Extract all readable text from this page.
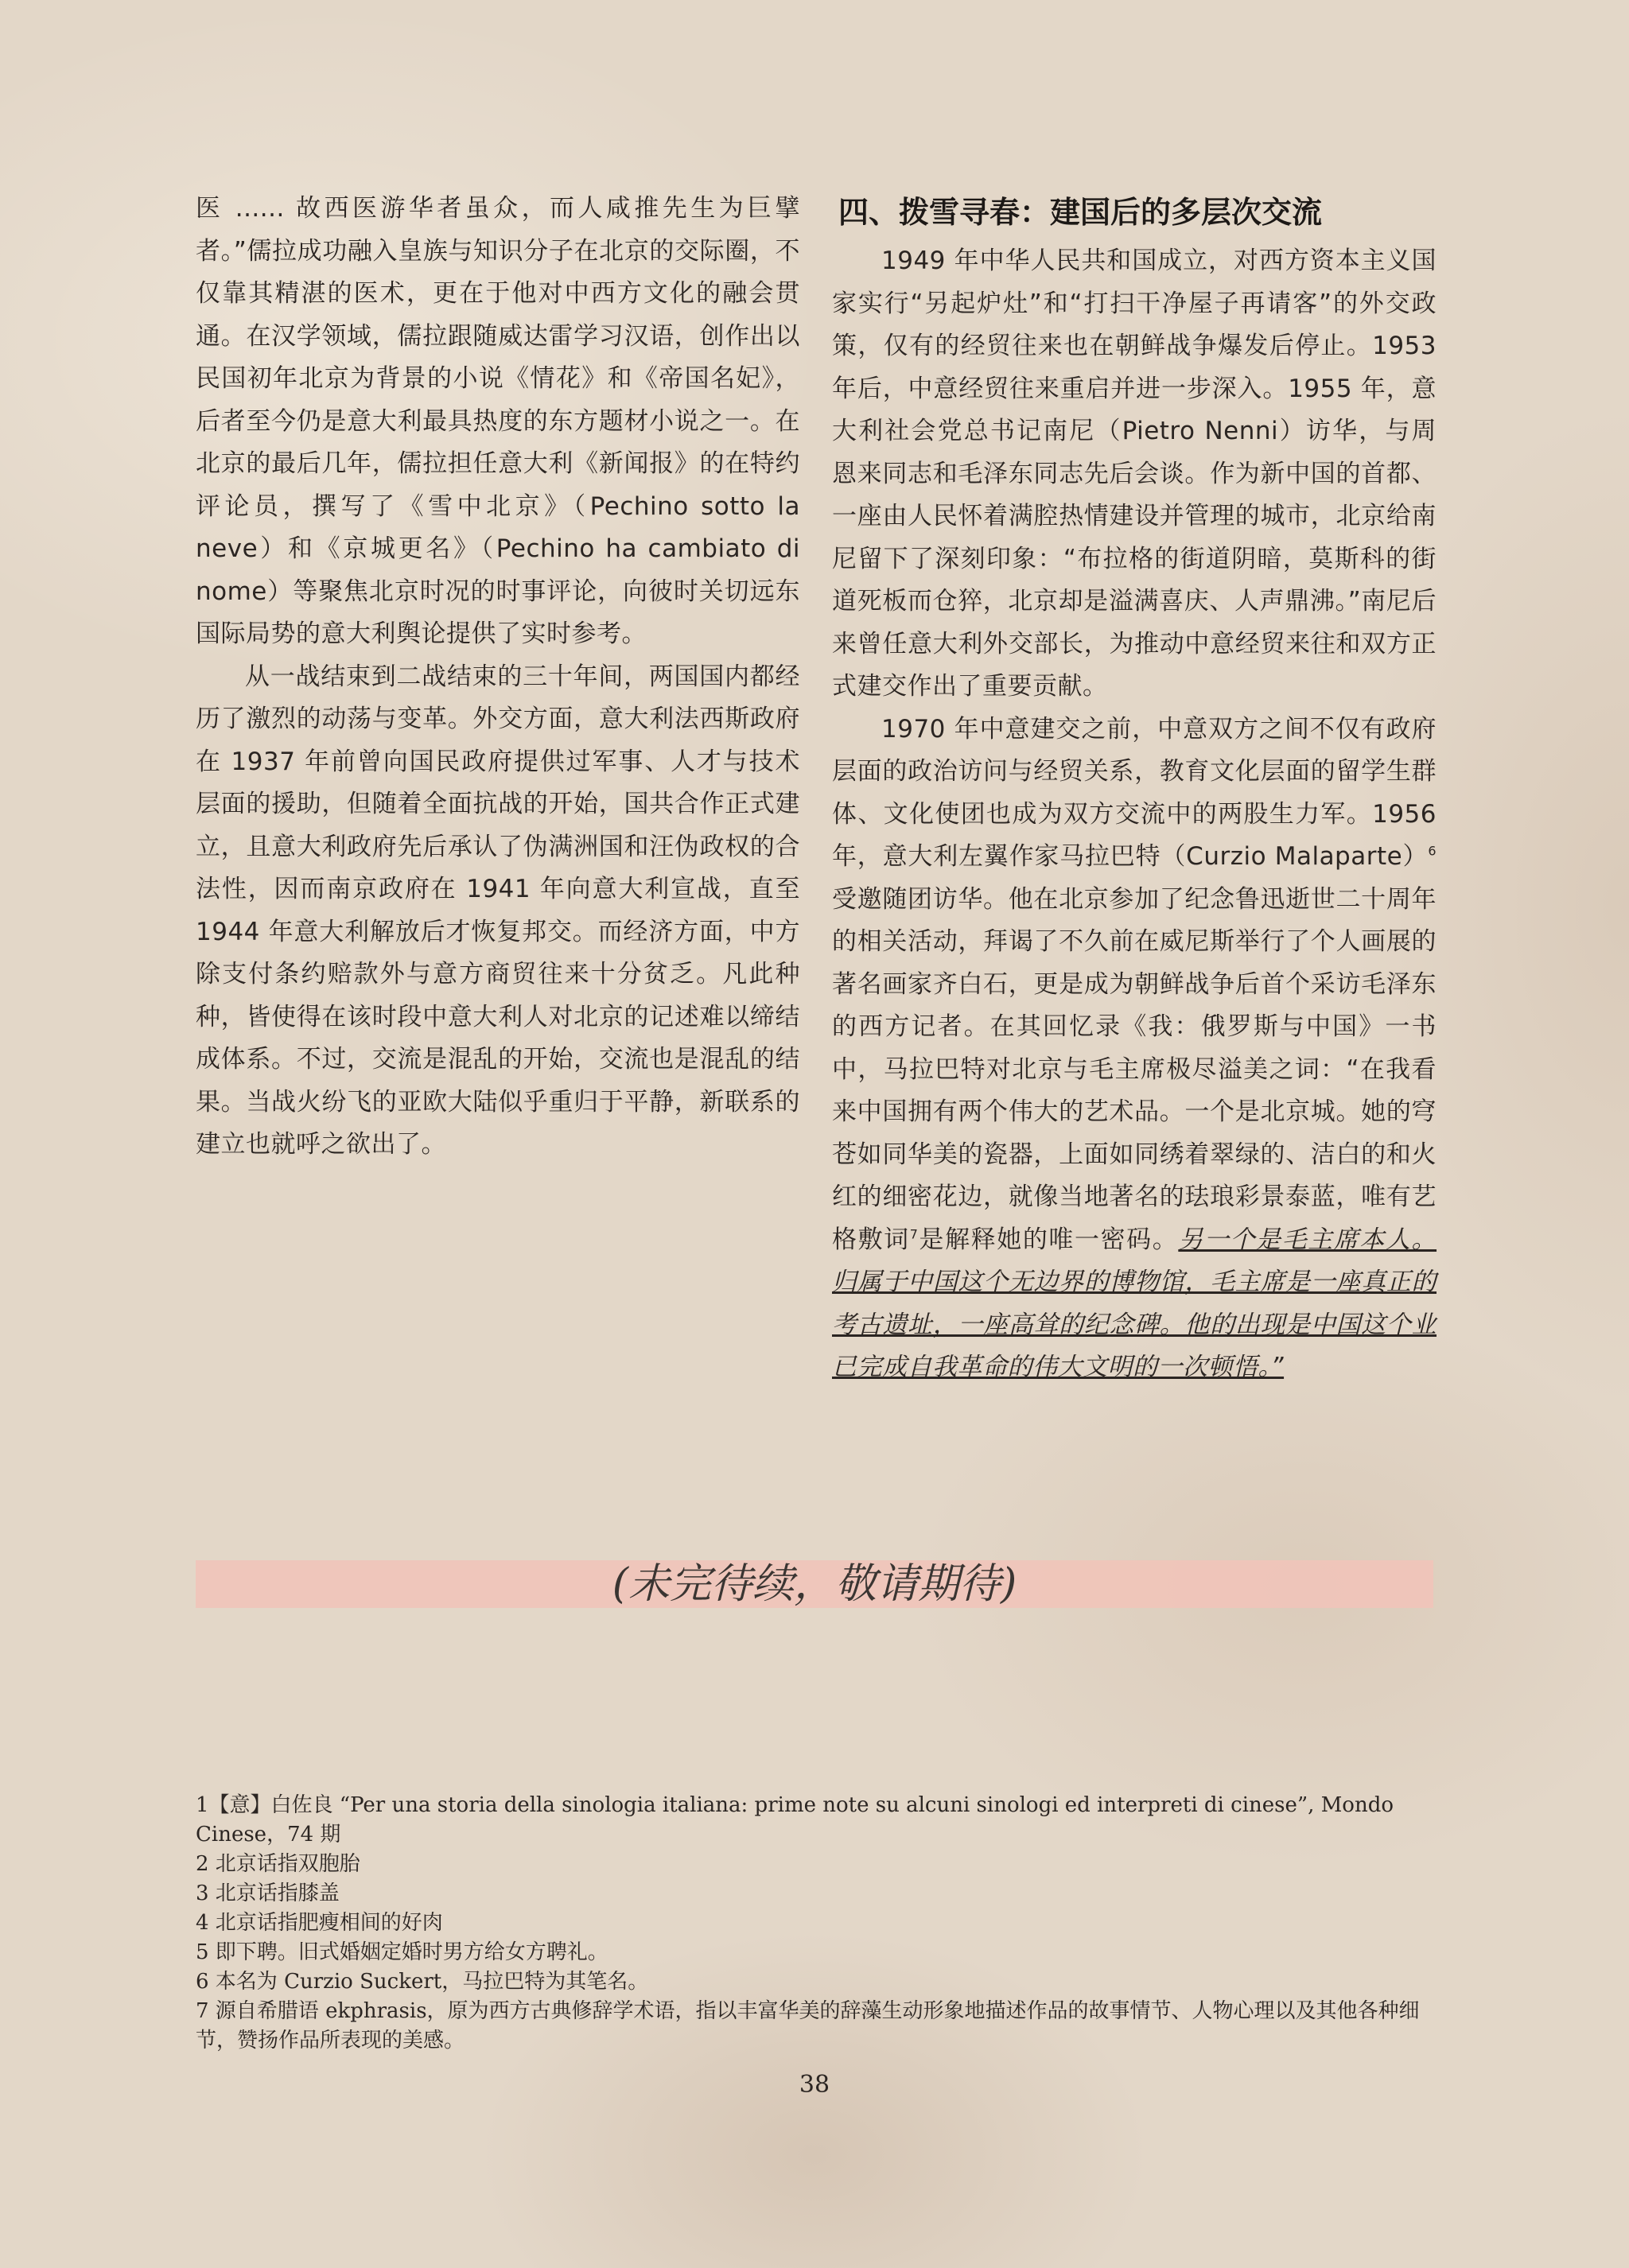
医 ...... 故西医游华者虽众，而人咸推先生为巨擘者。”儒拉成功融入皇族与知识分子在北京的交际圈，不仅靠其精湛的医术，更在于他对中西方文化的融会贯通。在汉学领域，儒拉跟随威达雷学习汉语，创作出以民国初年北京为背景的小说《情花》和《帝国名妃》，后者至今仍是意大利最具热度的东方题材小说之一。在北京的最后几年，儒拉担任意大利《新闻报》的在特约评论员，撰写了《雪中北京》（Pechino sotto la neve）和《京城更名》（Pechino ha cambiato di nome）等聚焦北京时况的时事评论，向彼时关切远东国际局势的意大利舆论提供了实时参考。

从一战结束到二战结束的三十年间，两国国内都经历了激烈的动荡与变革。外交方面，意大利法西斯政府在 1937 年前曾向国民政府提供过军事、人才与技术层面的援助，但随着全面抗战的开始，国共合作正式建立，且意大利政府先后承认了伪满洲国和汪伪政权的合法性，因而南京政府在 1941 年向意大利宣战，直至 1944 年意大利解放后才恢复邦交。而经济方面，中方除支付条约赔款外与意方商贸往来十分贫乏。凡此种种，皆使得在该时段中意大利人对北京的记述难以缔结成体系。不过，交流是混乱的开始，交流也是混乱的结果。当战火纷飞的亚欧大陆似乎重归于平静，新联系的建立也就呼之欲出了。

四、拨雪寻春：建国后的多层次交流

1949 年中华人民共和国成立，对西方资本主义国家实行“另起炉灶”和“打扫干净屋子再请客”的外交政策，仅有的经贸往来也在朝鲜战争爆发后停止。1953 年后，中意经贸往来重启并进一步深入。1955 年，意大利社会党总书记南尼（Pietro Nenni）访华，与周恩来同志和毛泽东同志先后会谈。作为新中国的首都、一座由人民怀着满腔热情建设并管理的城市，北京给南尼留下了深刻印象：“布拉格的街道阴暗，莫斯科的街道死板而仓猝，北京却是溢满喜庆、人声鼎沸。”南尼后来曾任意大利外交部长，为推动中意经贸来往和双方正式建交作出了重要贡献。

1970 年中意建交之前，中意双方之间不仅有政府层面的政治访问与经贸关系，教育文化层面的留学生群体、文化使团也成为双方交流中的两股生力军。1956 年，意大利左翼作家马拉巴特（Curzio Malaparte）$^6$受邀随团访华。他在北京参加了纪念鲁迅逝世二十周年的相关活动，拜谒了不久前在威尼斯举行了个人画展的著名画家齐白石，更是成为朝鲜战争后首个采访毛泽东的西方记者。在其回忆录《我：俄罗斯与中国》一书中，马拉巴特对北京与毛主席极尽溢美之词：“在我看来中国拥有两个伟大的艺术品。一个是北京城。她的穹苍如同华美的瓷器，上面如同绣着翠绿的、洁白的和火红的细密花边，就像当地著名的珐琅彩景泰蓝，唯有艺格敷词$^7$是解释她的唯一密码。另一个是毛主席本人。归属于中国这个无边界的博物馆，毛主席是一座真正的考古遗址，一座高耸的纪念碑。他的出现是中国这个业已完成自我革命的伟大文明的一次顿悟。”

(未完待续，敬请期待)

1【意】白佐良 “Per una storia della sinologia italiana: prime note su alcuni sinologi ed interpreti di cinese”, Mondo Cinese，74 期

2 北京话指双胞胎

3 北京话指膝盖

4 北京话指肥瘦相间的好肉

5 即下聘。旧式婚姻定婚时男方给女方聘礼。

6 本名为 Curzio Suckert，马拉巴特为其笔名。

7 源自希腊语 ekphrasis，原为西方古典修辞学术语，指以丰富华美的辞藻生动形象地描述作品的故事情节、人物心理以及其他各种细节，赞扬作品所表现的美感。

38
